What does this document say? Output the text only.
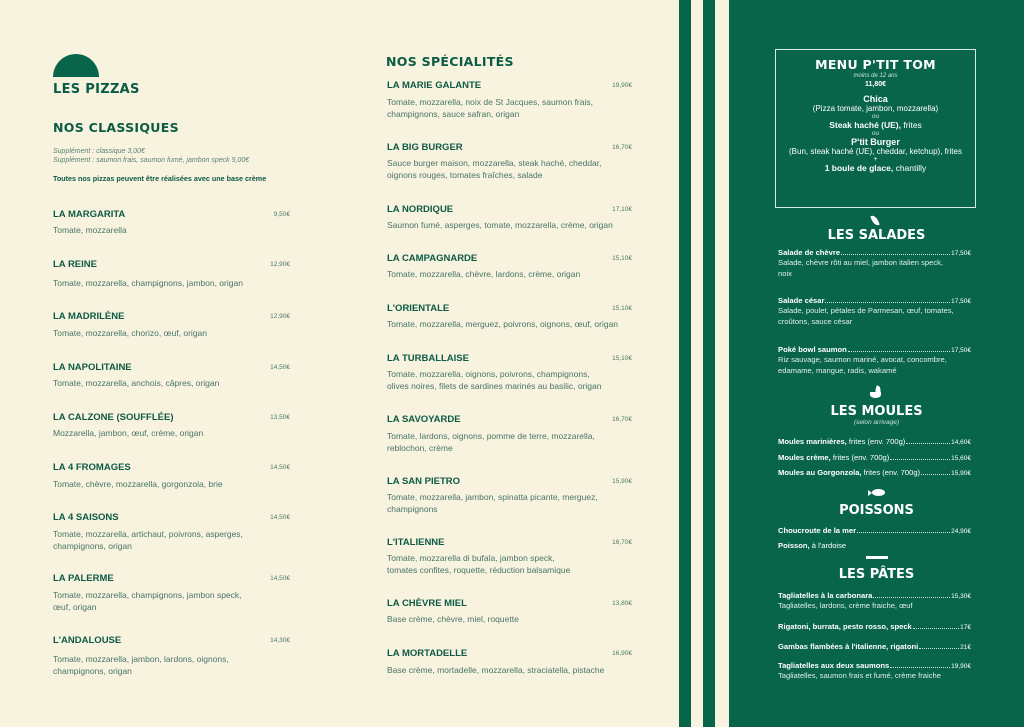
LES PIZZAS
NOS CLASSIQUES
Supplément : classique 3,00€
Supplément : saumon frais, saumon fumé, jambon speck 5,00€
Toutes nos pizzas peuvent être réalisées avec une base crème
LA MARGARITA	9,50€
Tomate, mozzarella
LA REINE	12,90€
Tomate, mozzarella, champignons, jambon, origan
LA MADRILÈNE	12,90€
Tomate, mozzarella, chorizo, œuf, origan
LA NAPOLITAINE	14,50€
Tomate, mozzarella, anchois, câpres, origan
LA CALZONE (SOUFFLÉE)	13,50€
Mozzarella, jambon, œuf, crème, origan
LA 4 FROMAGES	14,50€
Tomate, chèvre, mozzarella, gorgonzola, brie
LA 4 SAISONS	14,50€
Tomate, mozzarella, artichaut, poivrons, asperges,
champignons, origan
LA PALERME	14,50€
Tomate, mozzarella, champignons, jambon speck,
œuf, origan
L'ANDALOUSE	14,30€
Tomate, mozzarella, jambon, lardons, oignons,
champignons, origan
NOS SPÉCIALITÉS
LA MARIE GALANTE	19,90€
Tomate, mozzarella, noix de St Jacques, saumon frais,
champignons, sauce safran, origan
LA BIG BURGER	16,70€
Sauce burger maison, mozzarella, steak haché, cheddar,
oignons rouges, tomates fraîches, salade
LA NORDIQUE	17,10€
Saumon fumé, asperges, tomate, mozzarella, crème, origan
LA CAMPAGNARDE	15,10€
Tomate, mozzarella, chèvre, lardons, crème, origan
L'ORIENTALE	15,10€
Tomate, mozzarella, merguez, poivrons, oignons, œuf, origan
LA TURBALLAISE	15,10€
Tomate, mozzarella, oignons, poivrons, champignons,
olives noires, filets de sardines marinés au basilic, origan
LA SAVOYARDE	16,70€
Tomate, lardons, oignons, pomme de terre, mozzarella,
reblochon, crème
LA SAN PIETRO	15,90€
Tomate, mozzarella, jambon, spinatta picante, merguez,
champignons
L'ITALIENNE	16,70€
Tomate, mozzarella di bufala, jambon speck,
tomates confites, roquette, réduction balsamique
LA CHÈVRE MIEL	13,80€
Base crème, chèvre, miel, roquette
LA MORTADELLE	16,90€
Base crème, mortadelle, mozzarella, straciatella, pistache
MENU P'TIT TOM
moins de 12 ans
11,80€
Chica
(Pizza tomate, jambon, mozzarella)
ou
Steak haché (UE), frites
ou
P'tit Burger
(Bun, steak haché (UE), cheddar, ketchup), frites
+
1 boule de glace, chantilly
LES SALADES
Salade de chèvre	17,50€
Salade, chèvre rôti au miel, jambon italien speck,
noix
Salade césar	17,50€
Salade, poulet, pétales de Parmesan, œuf, tomates,
croûtons, sauce césar
Poké bowl saumon	17,50€
Riz sauvage, saumon mariné, avocat, concombre,
edamame, mangue, radis, wakamé
LES MOULES
(selon arrivage)
Moules marinières, frites (env. 700g)	14,60€
Moules crème, frites (env. 700g)	15,60€
Moules au Gorgonzola, frites (env. 700g)	15,90€
POISSONS
Choucroute de la mer	24,90€
Poisson, à l'ardoise
LES PÂTES
Tagliatelles à la carbonara	15,30€
Tagliatelles, lardons, crème fraiche, œuf
Rigatoni, burrata, pesto rosso, speck	17€
Gambas flambées à l'italienne, rigatoni	21€
Tagliatelles aux deux saumons	19,90€
Tagliatelles, saumon frais et fumé, crème fraiche
